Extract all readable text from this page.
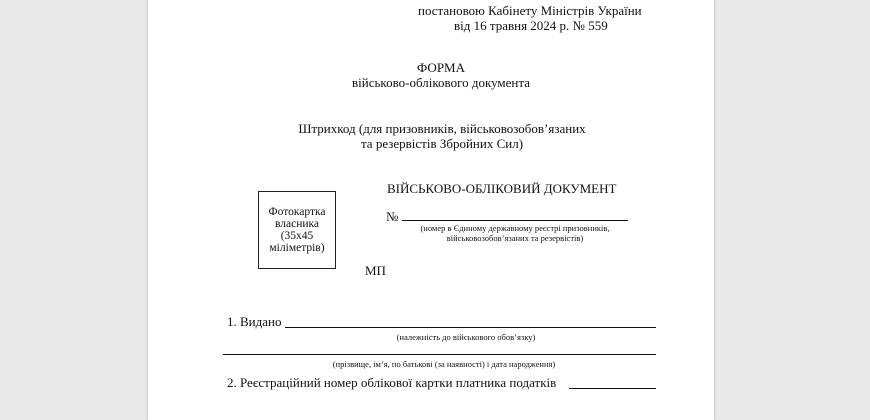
постановою Кабінету Міністрів України
від 16 травня 2024 р. № 559
ФОРМА
військово-облікового документа
Штрихкод (для призовників, військовозобов’язаних
та резервістів Збройних Сил)
Фотокартка
власника
(35х45
міліметрів)
ВІЙСЬКОВО-ОБЛІКОВИЙ ДОКУМЕНТ
№
(номер в Єдиному державному реєстрі призовників,
військовозобов’язаних та резервістів)
МП
1. Видано
(належність до військового обов’язку)
(прізвище, ім’я, по батькові (за наявності) і дата народження)
2. Реєстраційний номер облікової картки платника податків
